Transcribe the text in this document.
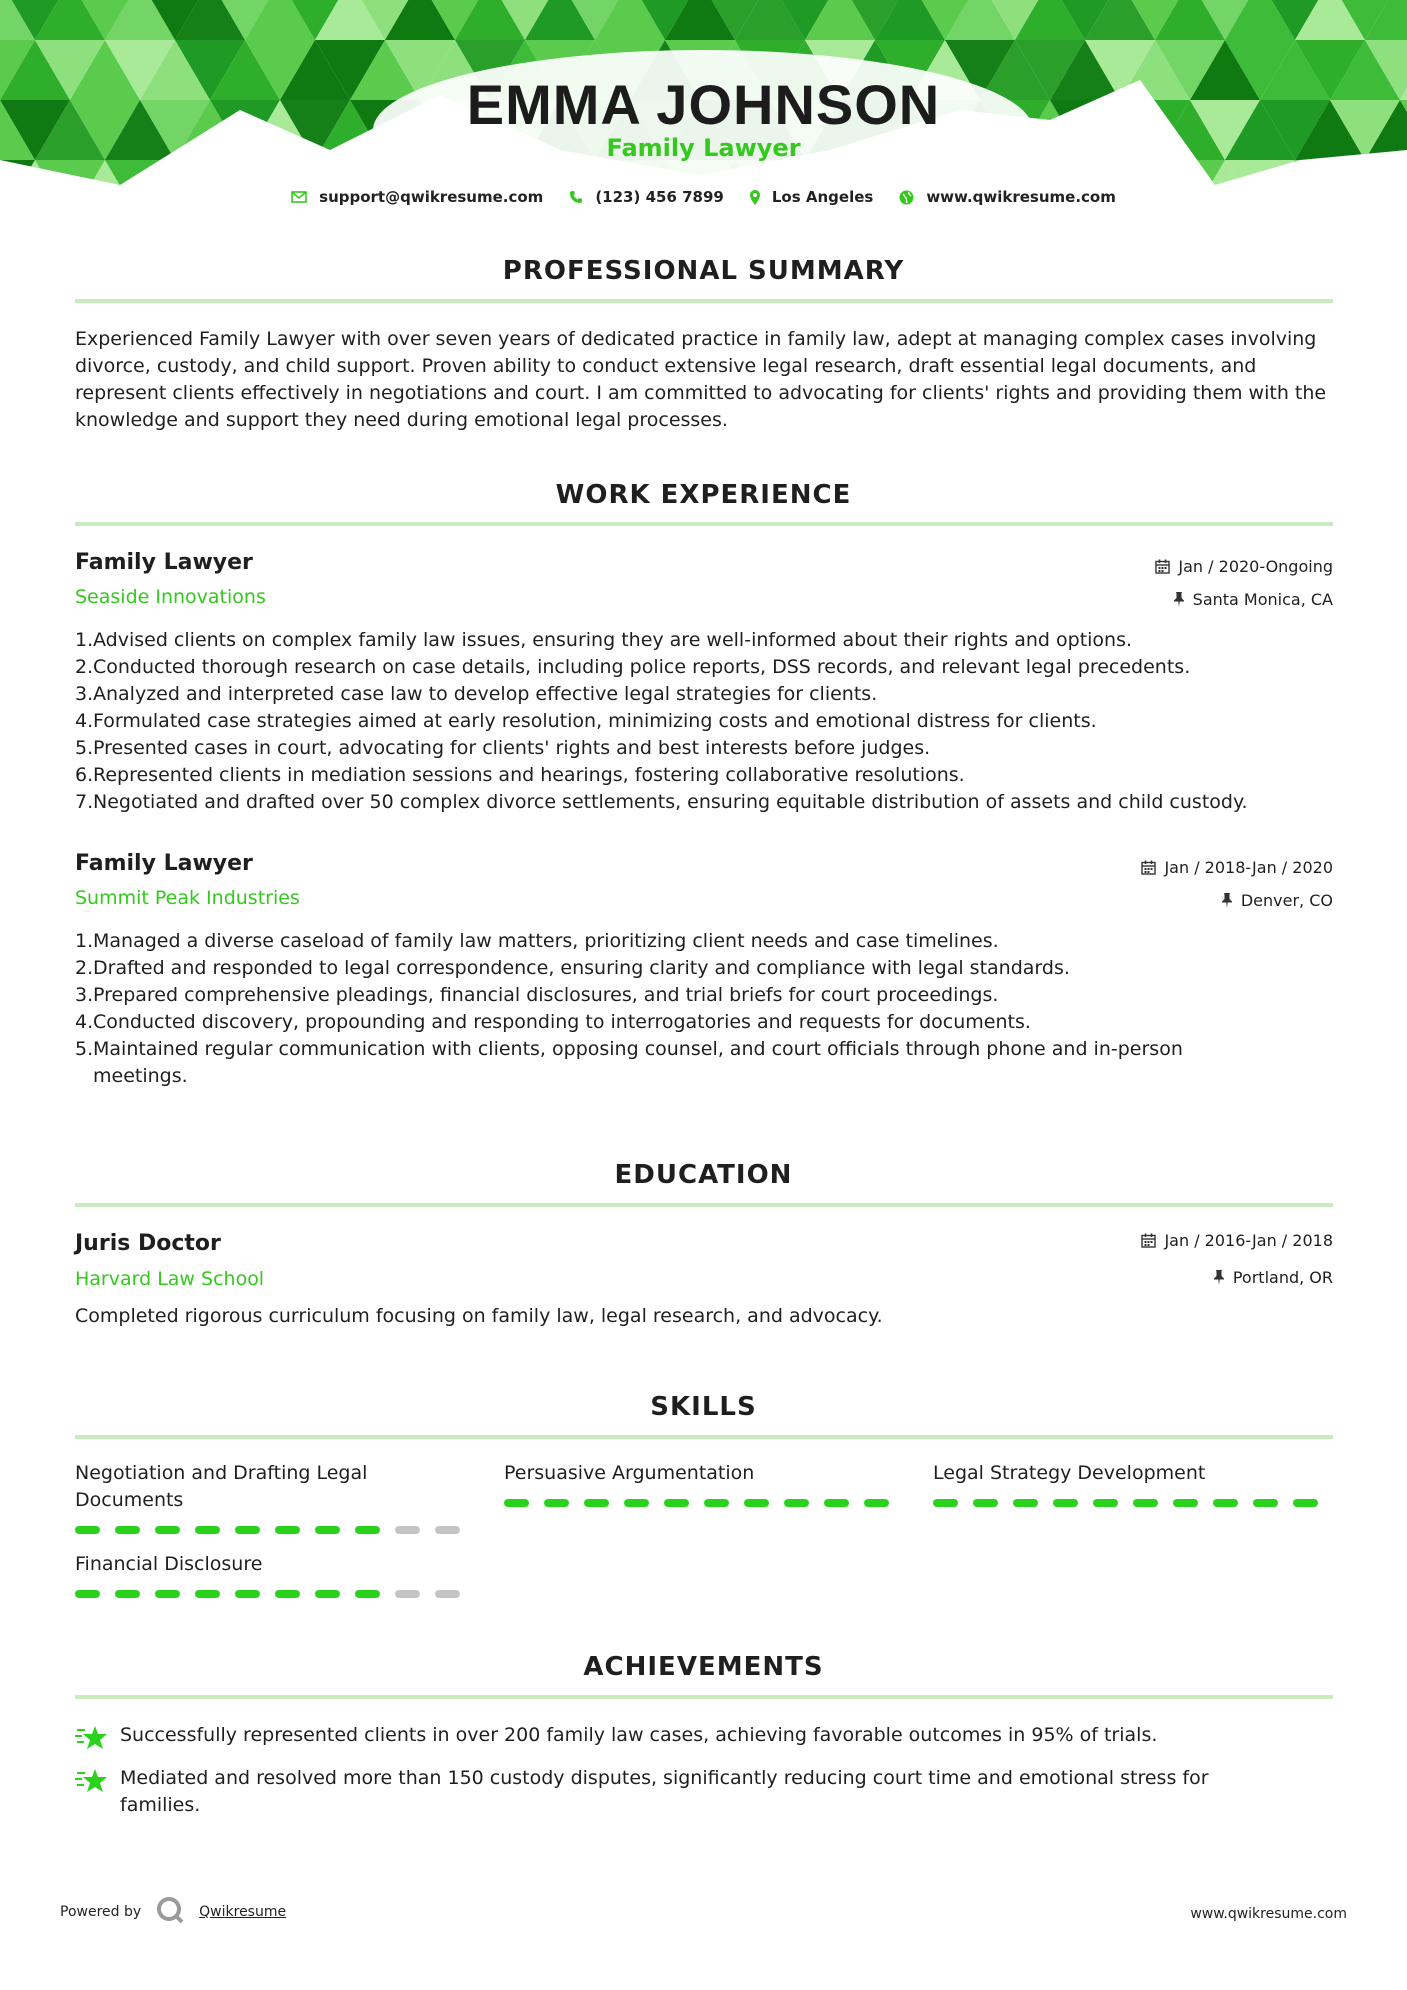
EMMA JOHNSON
Family Lawyer
support@qwikresume.com	(123) 456 7899	Los Angeles	www.qwikresume.com
PROFESSIONAL SUMMARY
Experienced Family Lawyer with over seven years of dedicated practice in family law, adept at managing complex cases involving divorce, custody, and child support. Proven ability to conduct extensive legal research, draft essential legal documents, and represent clients effectively in negotiations and court. I am committed to advocating for clients' rights and providing them with the knowledge and support they need during emotional legal processes.
WORK EXPERIENCE
Family Lawyer	Jan / 2020-Ongoing
Seaside Innovations	Santa Monica, CA
1. Advised clients on complex family law issues, ensuring they are well-informed about their rights and options.
2. Conducted thorough research on case details, including police reports, DSS records, and relevant legal precedents.
3. Analyzed and interpreted case law to develop effective legal strategies for clients.
4. Formulated case strategies aimed at early resolution, minimizing costs and emotional distress for clients.
5. Presented cases in court, advocating for clients' rights and best interests before judges.
6. Represented clients in mediation sessions and hearings, fostering collaborative resolutions.
7. Negotiated and drafted over 50 complex divorce settlements, ensuring equitable distribution of assets and child custody.
Family Lawyer	Jan / 2018-Jan / 2020
Summit Peak Industries	Denver, CO
1. Managed a diverse caseload of family law matters, prioritizing client needs and case timelines.
2. Drafted and responded to legal correspondence, ensuring clarity and compliance with legal standards.
3. Prepared comprehensive pleadings, financial disclosures, and trial briefs for court proceedings.
4. Conducted discovery, propounding and responding to interrogatories and requests for documents.
5. Maintained regular communication with clients, opposing counsel, and court officials through phone and in-person meetings.
EDUCATION
Juris Doctor	Jan / 2016-Jan / 2018
Harvard Law School	Portland, OR
Completed rigorous curriculum focusing on family law, legal research, and advocacy.
SKILLS
Negotiation and Drafting Legal Documents
Persuasive Argumentation	Legal Strategy Development
Financial Disclosure
ACHIEVEMENTS
Successfully represented clients in over 200 family law cases, achieving favorable outcomes in 95% of trials.
Mediated and resolved more than 150 custody disputes, significantly reducing court time and emotional stress for families.
Powered by	Qwikresume	www.qwikresume.com
